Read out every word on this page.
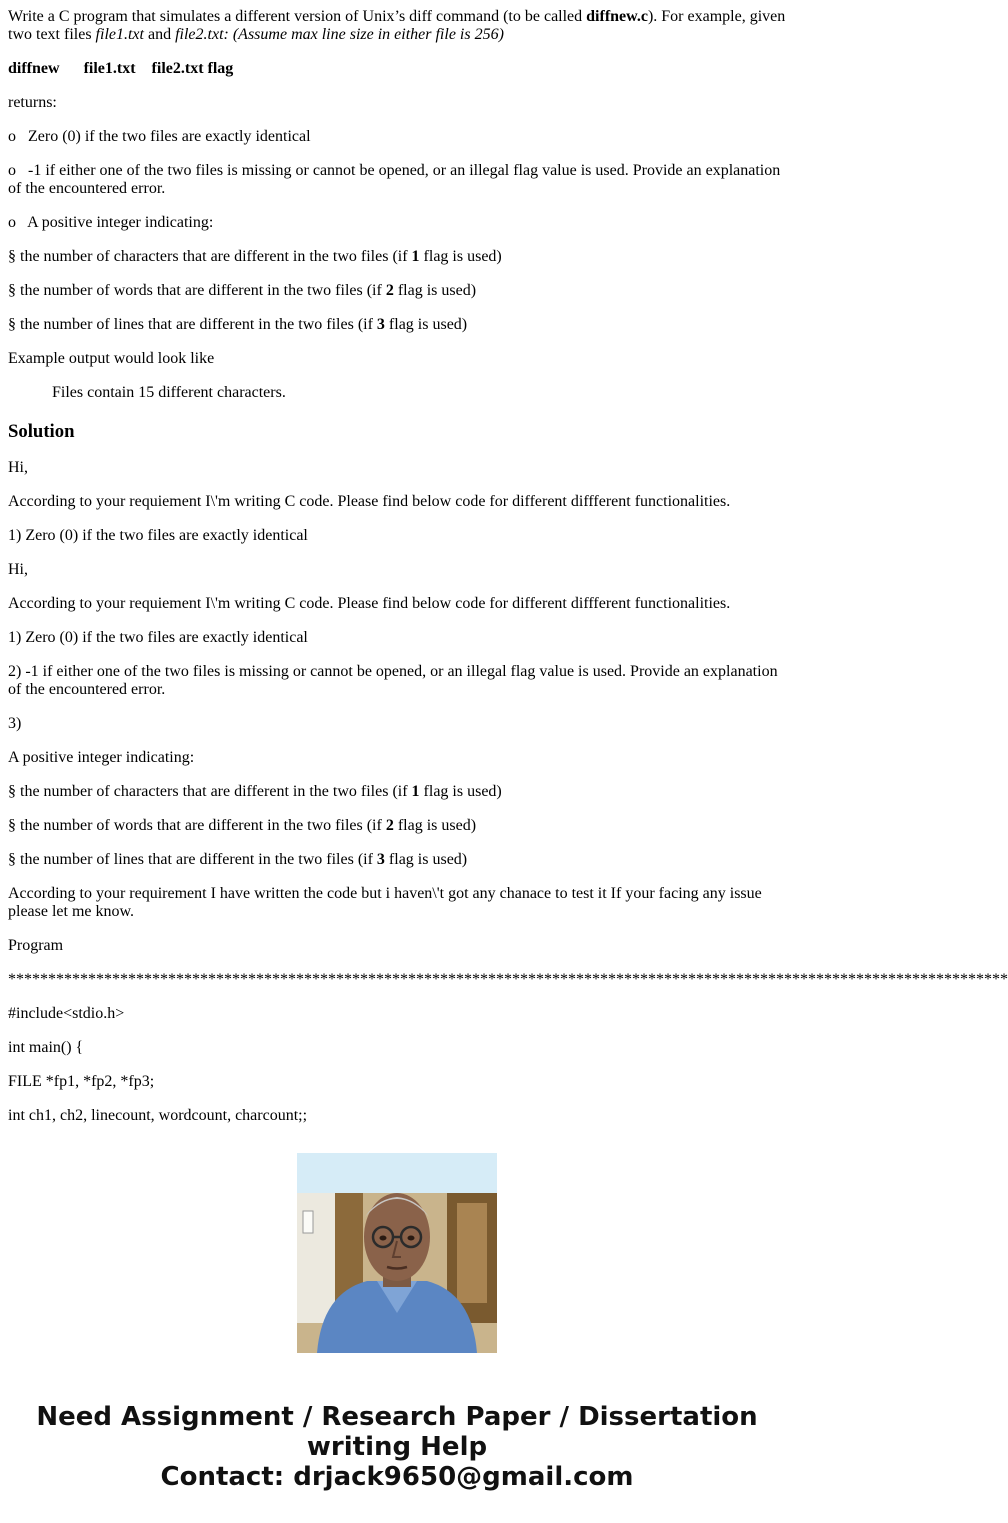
Write a C program that simulates a different version of Unix’s diff command (to be called diffnew.c). For example, given two text files file1.txt and file2.txt: (Assume max line size in either file is 256)

diffnew file1.txt file2.txt flag

returns:

o Zero (0) if the two files are exactly identical

o -1 if either one of the two files is missing or cannot be opened, or an illegal flag value is used. Provide an explanation of the encountered error.

o A positive integer indicating:

§ the number of characters that are different in the two files (if 1 flag is used)

§ the number of words that are different in the two files (if 2 flag is used)

§ the number of lines that are different in the two files (if 3 flag is used)

Example output would look like

Files contain 15 different characters.

Solution

Hi,

According to your requiement I\'m writing C code. Please find below code for different diffferent functionalities.

1) Zero (0) if the two files are exactly identical

Hi,

According to your requiement I\'m writing C code. Please find below code for different diffferent functionalities.

1) Zero (0) if the two files are exactly identical

2) -1 if either one of the two files is missing or cannot be opened, or an illegal flag value is used. Provide an explanation of the encountered error.

3)

A positive integer indicating:

§ the number of characters that are different in the two files (if 1 flag is used)

§ the number of words that are different in the two files (if 2 flag is used)

§ the number of lines that are different in the two files (if 3 flag is used)

According to your requirement I have written the code but i haven\'t got any chanace to test it If your facing any issue please let me know.

Program

*****************************************************************************************************************************

#include<stdio.h>

int main() {

FILE *fp1, *fp2, *fp3;

int ch1, ch2, linecount, wordcount, charcount;;

Need Assignment / Research Paper / Dissertation
writing Help
Contact: drjack9650@gmail.com
